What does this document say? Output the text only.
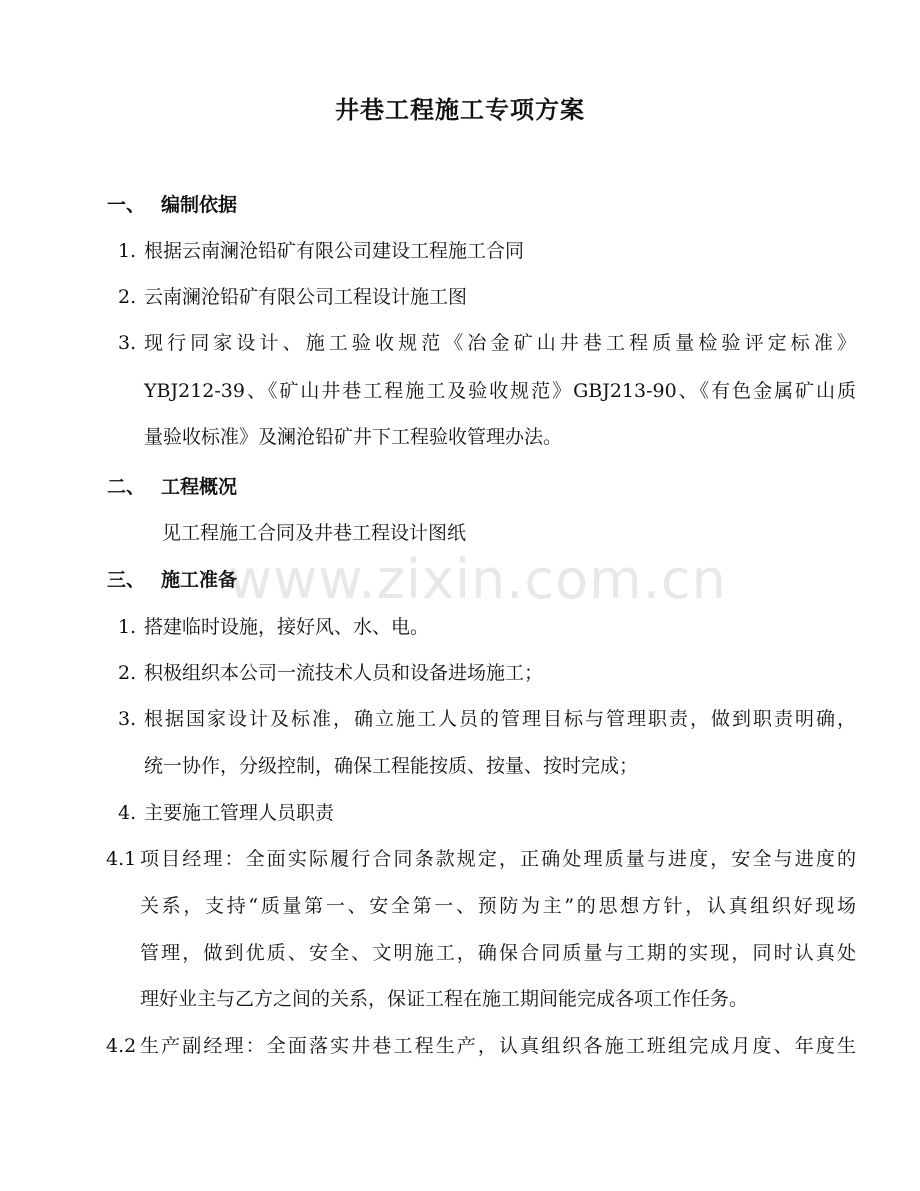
井巷工程施工专项方案
一、 编制依据
1. 根据云南澜沧铅矿有限公司建设工程施工合同
2. 云南澜沧铅矿有限公司工程设计施工图
3. 现行同家设计、施工验收规范《冶金矿山井巷工程质量检验评定标准》
YBJ212-39、《矿山井巷工程施工及验收规范》GBJ213-90、《有色金属矿山质
量验收标准》及澜沧铅矿井下工程验收管理办法。
二、 工程概况
见工程施工合同及井巷工程设计图纸
三、 施工准备
1. 搭建临时设施，接好风、水、电。
2. 积极组织本公司一流技术人员和设备进场施工；
3. 根据国家设计及标准，确立施工人员的管理目标与管理职责，做到职责明确，
统一协作，分级控制，确保工程能按质、按量、按时完成；
4. 主要施工管理人员职责
4.1 项目经理：全面实际履行合同条款规定，正确处理质量与进度，安全与进度的
关系，支持“质量第一、安全第一、预防为主”的思想方针，认真组织好现场
管理，做到优质、安全、文明施工，确保合同质量与工期的实现，同时认真处
理好业主与乙方之间的关系，保证工程在施工期间能完成各项工作任务。
4.2 生产副经理：全面落实井巷工程生产，认真组织各施工班组完成月度、年度生
www.zixin.com.cn
